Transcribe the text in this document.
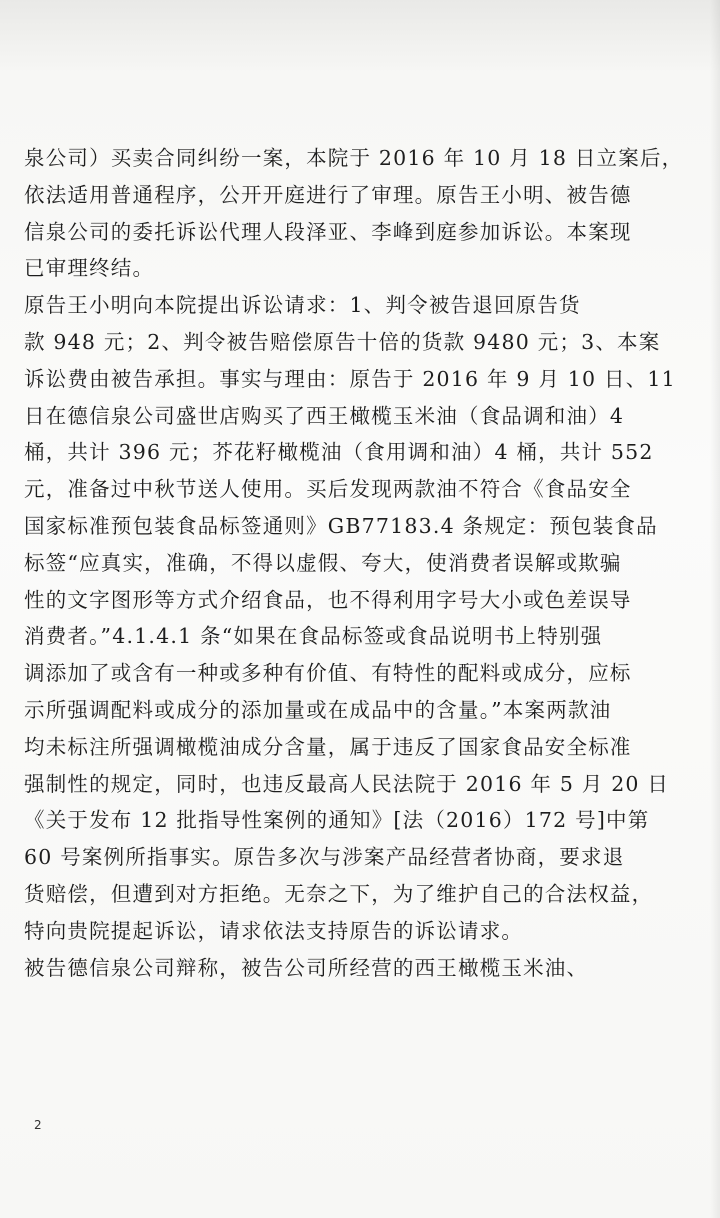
泉公司）买卖合同纠纷一案，本院于 2016 年 10 月 18 日立案后，
依法适用普通程序，公开开庭进行了审理。原告王小明、被告德
信泉公司的委托诉讼代理人段泽亚、李峰到庭参加诉讼。本案现
已审理终结。

原告王小明向本院提出诉讼请求：1、判令被告退回原告货
款 948 元；2、判令被告赔偿原告十倍的货款 9480 元；3、本案
诉讼费由被告承担。事实与理由：原告于 2016 年 9 月 10 日、11
日在德信泉公司盛世店购买了西王橄榄玉米油（食品调和油）4
桶，共计 396 元；芥花籽橄榄油（食用调和油）4 桶，共计 552
元，准备过中秋节送人使用。买后发现两款油不符合《食品安全
国家标准预包装食品标签通则》GB77183.4 条规定：预包装食品
标签“应真实，准确，不得以虚假、夸大，使消费者误解或欺骗
性的文字图形等方式介绍食品，也不得利用字号大小或色差误导
消费者。”4.1.4.1 条“如果在食品标签或食品说明书上特别强
调添加了或含有一种或多种有价值、有特性的配料或成分，应标
示所强调配料或成分的添加量或在成品中的含量。”本案两款油
均未标注所强调橄榄油成分含量，属于违反了国家食品安全标准
强制性的规定，同时，也违反最高人民法院于 2016 年 5 月 20 日
《关于发布 12 批指导性案例的通知》[法（2016）172 号]中第
60 号案例所指事实。原告多次与涉案产品经营者协商，要求退
货赔偿，但遭到对方拒绝。无奈之下，为了维护自己的合法权益，
特向贵院提起诉讼，请求依法支持原告的诉讼请求。

被告德信泉公司辩称，被告公司所经营的西王橄榄玉米油、

2
